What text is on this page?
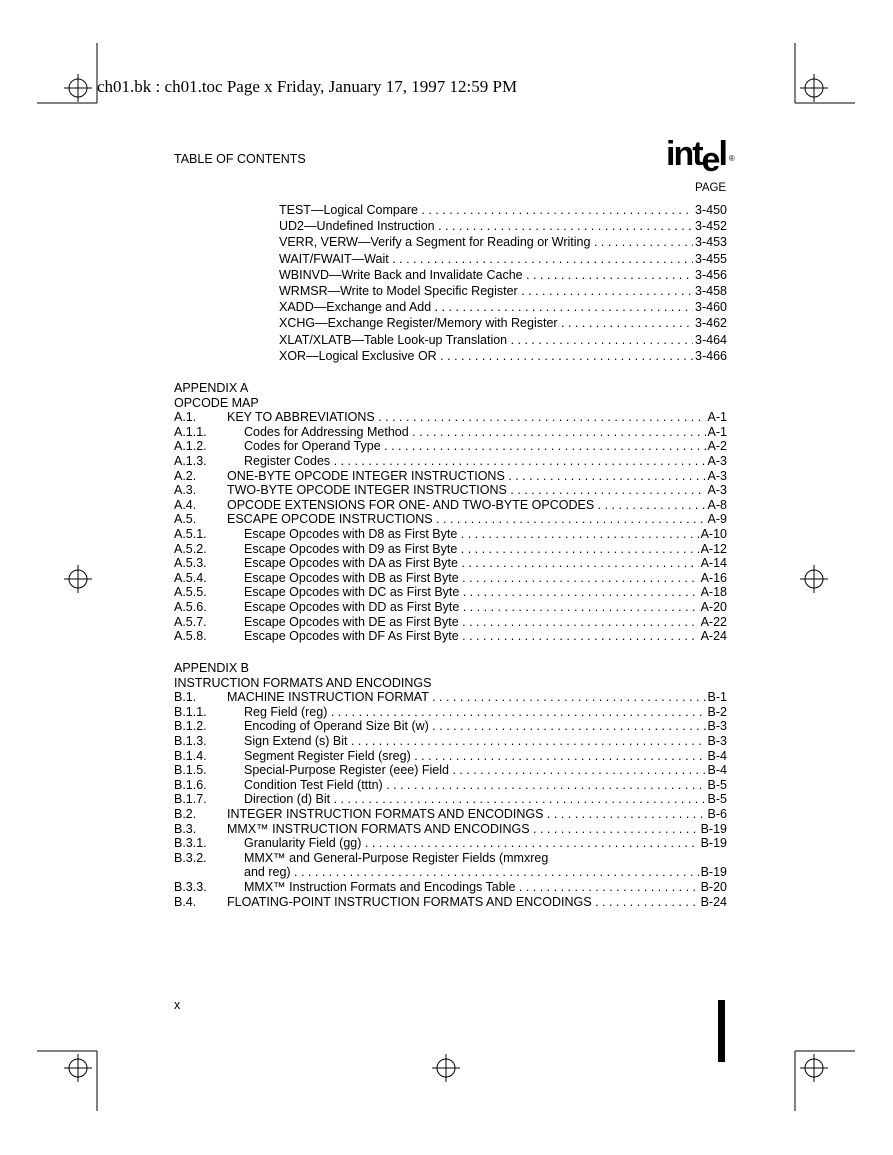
ch01.bk : ch01.toc Page x Friday, January 17, 1997 12:59 PM
TABLE OF CONTENTS	intel ®
PAGE
TEST—Logical Compare . . .	3-450
UD2—Undefined Instruction . . .	3-452
VERR, VERW—Verify a Segment for Reading or Writing . . .	3-453
WAIT/FWAIT—Wait . . .	3-455
WBINVD—Write Back and Invalidate Cache . . .	3-456
WRMSR—Write to Model Specific Register . . .	3-458
XADD—Exchange and Add . . .	3-460
XCHG—Exchange Register/Memory with Register . . .	3-462
XLAT/XLATB—Table Look-up Translation . . .	3-464
XOR—Logical Exclusive OR . . .	3-466
APPENDIX A
OPCODE MAP
A.1. KEY TO ABBREVIATIONS . . .	A-1
A.1.1.	Codes for Addressing Method . . .	A-1
A.1.2.	Codes for Operand Type . . .	A-2
A.1.3.	Register Codes . . .	A-3
A.2. ONE-BYTE OPCODE INTEGER INSTRUCTIONS . . .	A-3
A.3. TWO-BYTE OPCODE INTEGER INSTRUCTIONS . . .	A-3
A.4. OPCODE EXTENSIONS FOR ONE- AND TWO-BYTE OPCODES . . .	A-8
A.5. ESCAPE OPCODE INSTRUCTIONS . . .	A-9
A.5.1.	Escape Opcodes with D8 as First Byte . . .	A-10
A.5.2.	Escape Opcodes with D9 as First Byte . . .	A-12
A.5.3.	Escape Opcodes with DA as First Byte . . .	A-14
A.5.4.	Escape Opcodes with DB as First Byte . . .	A-16
A.5.5.	Escape Opcodes with DC as First Byte . . .	A-18
A.5.6.	Escape Opcodes with DD as First Byte . . .	A-20
A.5.7.	Escape Opcodes with DE as First Byte . . .	A-22
A.5.8.	Escape Opcodes with DF As First Byte . . .	A-24
APPENDIX B
INSTRUCTION FORMATS AND ENCODINGS
B.1. MACHINE INSTRUCTION FORMAT . . .	B-1
B.1.1.	Reg Field (reg) . . .	B-2
B.1.2.	Encoding of Operand Size Bit (w) . . .	B-3
B.1.3.	Sign Extend (s) Bit . . .	B-3
B.1.4.	Segment Register Field (sreg) . . .	B-4
B.1.5.	Special-Purpose Register (eee) Field . . .	B-4
B.1.6.	Condition Test Field (tttn) . . .	B-5
B.1.7.	Direction (d) Bit . . .	B-5
B.2. INTEGER INSTRUCTION FORMATS AND ENCODINGS . . .	B-6
B.3. MMX™ INSTRUCTION FORMATS AND ENCODINGS . . .	B-19
B.3.1.	Granularity Field (gg) . . .	B-19
B.3.2.	MMX™ and General-Purpose Register Fields (mmxreg
and reg) . . .	B-19
B.3.3.	MMX™ Instruction Formats and Encodings Table . . .	B-20
B.4. FLOATING-POINT INSTRUCTION FORMATS AND ENCODINGS . . .	B-24
x
